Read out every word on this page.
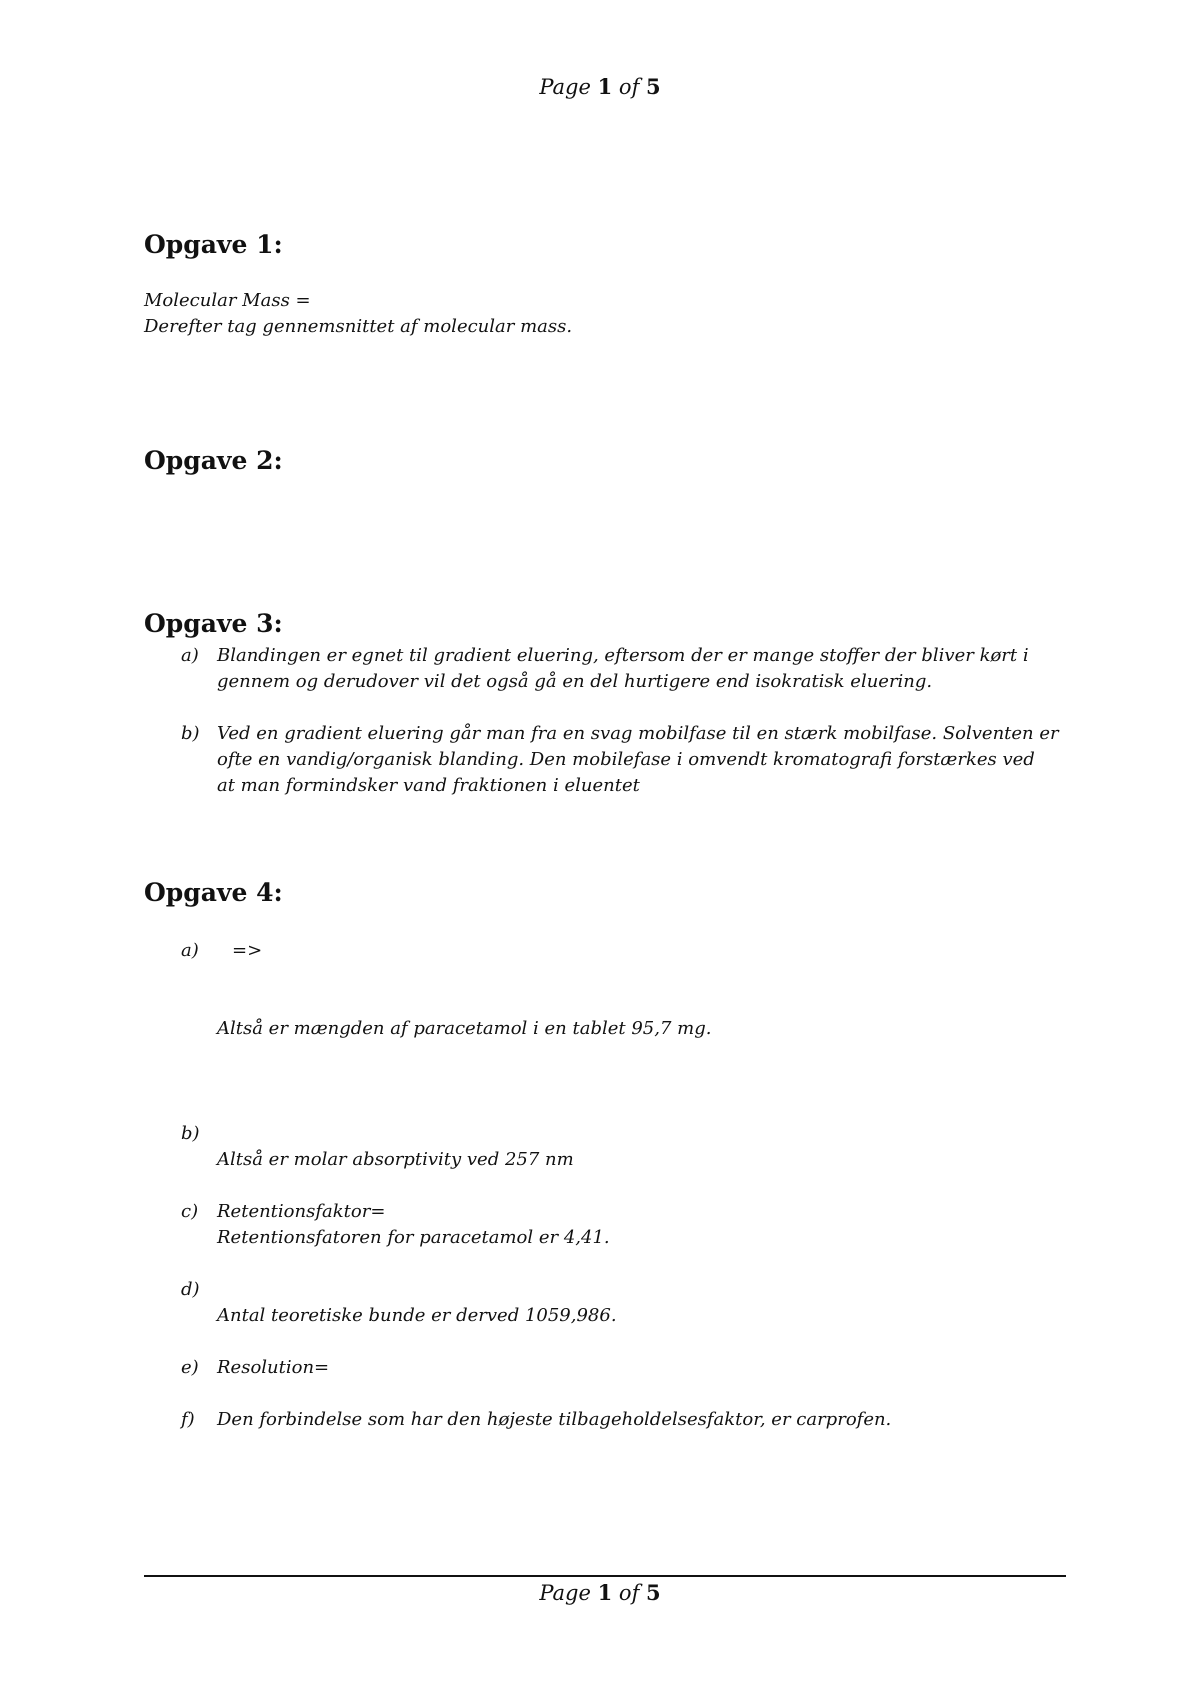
Page 1 of 5
Opgave 1:
Molecular Mass =
Derefter tag gennemsnittet af molecular mass.
Opgave 2:
Opgave 3:
a) Blandingen er egnet til gradient eluering, eftersom der er mange stoffer der bliver kørt i
gennem og derudover vil det også gå en del hurtigere end isokratisk eluering.
b) Ved en gradient eluering går man fra en svag mobilfase til en stærk mobilfase. Solventen er
ofte en vandig/organisk blanding. Den mobilefase i omvendt kromatografi forstærkes ved
at man formindsker vand fraktionen i eluentet
Opgave 4:
a) =>
Altså er mængden af paracetamol i en tablet 95,7 mg.
b)
Altså er molar absorptivity ved 257 nm
c) Retentionsfaktor=
Retentionsfatoren for paracetamol er 4,41.
d)
Antal teoretiske bunde er derved 1059,986.
e) Resolution=
f) Den forbindelse som har den højeste tilbageholdelsesfaktor, er carprofen.
Page 1 of 5
